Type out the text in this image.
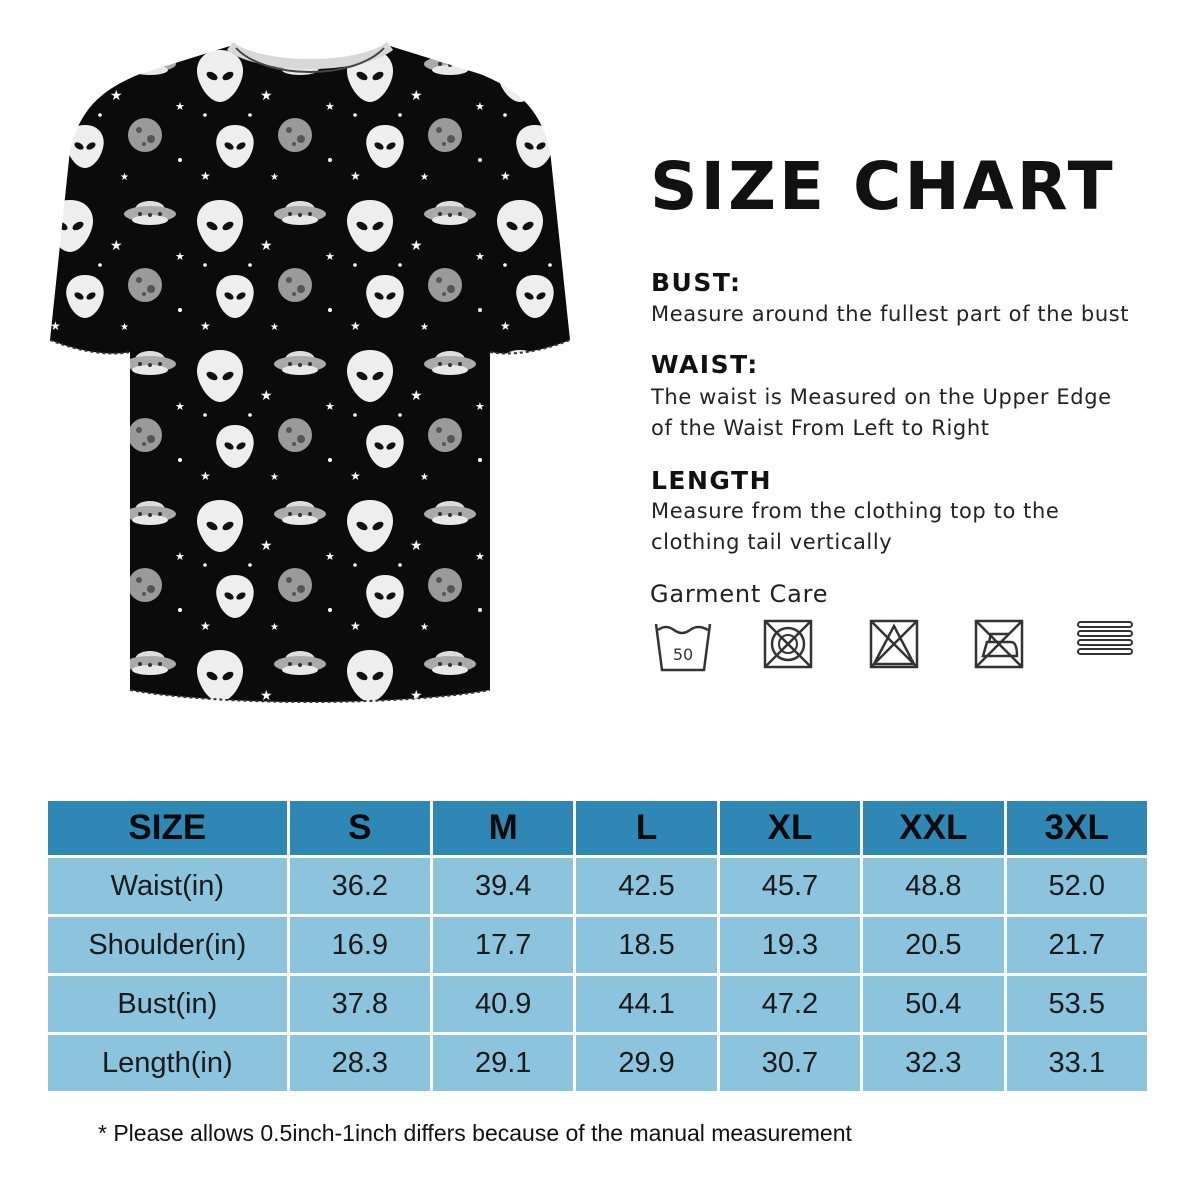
SIZE CHART
BUST:
Measure around the fullest part of the bust
WAIST:
The waist is Measured on the Upper Edge of the Waist From Left to Right
LENGTH
Measure from the clothing top to the clothing tail vertically
Garment Care
50
SIZE	S	M	L	XL	XXL	3XL
Waist(in)	36.2	39.4	42.5	45.7	48.8	52.0
Shoulder(in)	16.9	17.7	18.5	19.3	20.5	21.7
Bust(in)	37.8	40.9	44.1	47.2	50.4	53.5
Length(in)	28.3	29.1	29.9	30.7	32.3	33.1
* Please allows 0.5inch-1inch differs because of the manual measurement
